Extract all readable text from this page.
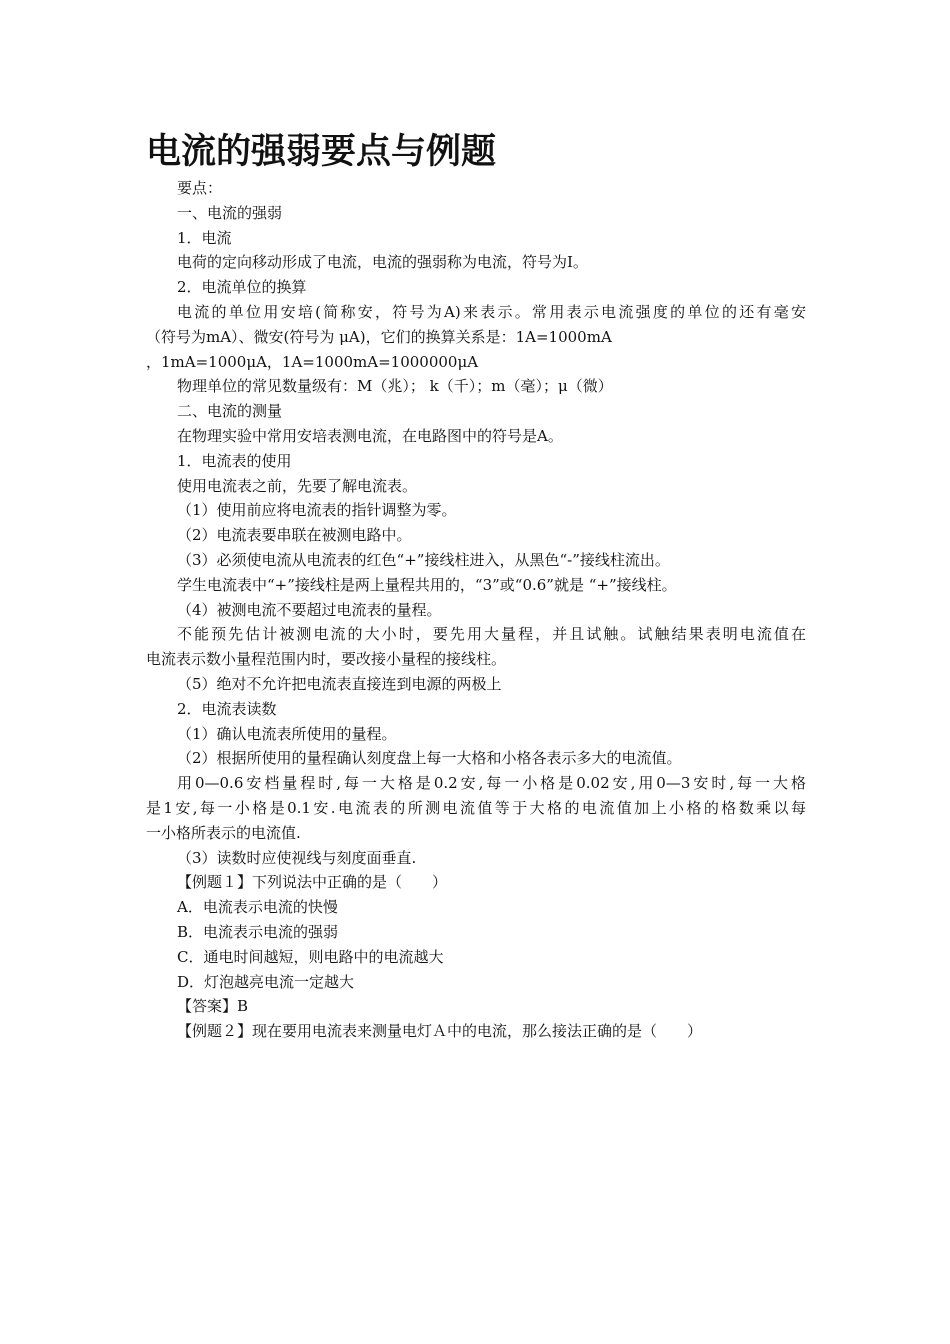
电流的强弱要点与例题
要点：
一、电流的强弱
1．电流
电荷的定向移动形成了电流，电流的强弱称为电流，符号为I。
2．电流单位的换算
电流的单位用安培(简称安，符号为A)来表示。常用表示电流强度的单位的还有毫安
（符号为mA）、微安(符号为 μA)，它们的换算关系是：1A=1000mA
，1mA=1000μA，1A=1000mA=1000000μA
物理单位的常见数量级有：M（兆）； k（千）；m（毫）；μ（微）
二、电流的测量
在物理实验中常用安培表测电流，在电路图中的符号是A。
1．电流表的使用
使用电流表之前，先要了解电流表。
（1）使用前应将电流表的指针调整为零。
（2）电流表要串联在被测电路中。
（3）必须使电流从电流表的红色“+”接线柱进入，从黑色“-”接线柱流出。
学生电流表中“+”接线柱是两上量程共用的，“3”或“0.6”就是 “+”接线柱。
（4）被测电流不要超过电流表的量程。
不能预先估计被测电流的大小时，要先用大量程，并且试触。试触结果表明电流值在
电流表示数小量程范围内时，要改接小量程的接线柱。
（5）绝对不允许把电流表直接连到电源的两极上
2．电流表读数
（1）确认电流表所使用的量程。
（2）根据所使用的量程确认刻度盘上每一大格和小格各表示多大的电流值。
用0—0.6安档量程时,每一大格是0.2安,每一小格是0.02安,用0—3安时,每一大格
是1安,每一小格是0.1安.电流表的所测电流值等于大格的电流值加上小格的格数乘以每
一小格所表示的电流值.
（3）读数时应使视线与刻度面垂直.
【例题１】下列说法中正确的是（　　）
A．电流表示电流的快慢
B．电流表示电流的强弱
C．通电时间越短，则电路中的电流越大
D．灯泡越亮电流一定越大
【答案】B
【例题２】现在要用电流表来测量电灯Ａ中的电流，那么接法正确的是（　　）
